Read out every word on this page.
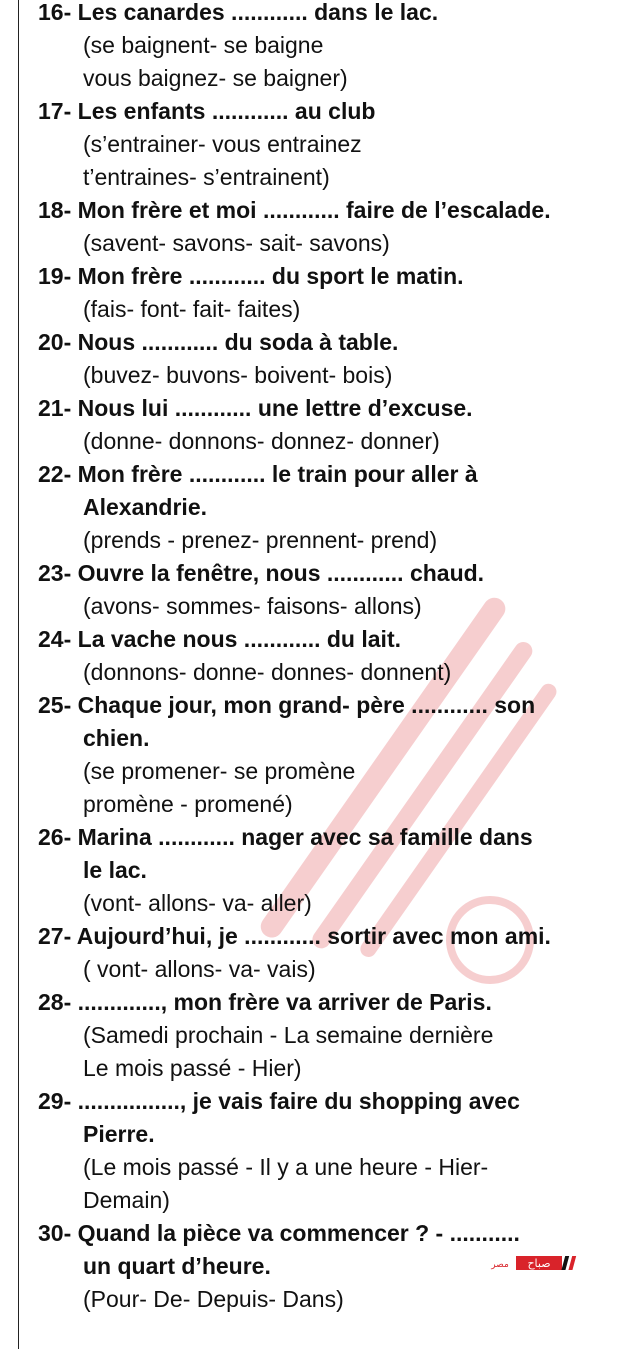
16- Les canardes ............ dans le lac.
(se baignent- se baigne
vous baignez- se baigner)
17- Les enfants ............ au club
(s’entrainer- vous entrainez
t’entraines- s’entrainent)
18- Mon frère et moi ............ faire de l’escalade.
(savent- savons- sait- savons)
19- Mon frère ............ du sport le matin.
(fais- font- fait- faites)
20- Nous ............ du soda à table.
(buvez- buvons- boivent- bois)
21- Nous lui ............ une lettre d’excuse.
(donne- donnons- donnez- donner)
22- Mon frère ............ le train pour aller à
Alexandrie.
(prends - prenez- prennent- prend)
23- Ouvre la fenêtre, nous ............ chaud.
(avons- sommes- faisons- allons)
24- La vache nous ............ du lait.
(donnons- donne- donnes- donnent)
25- Chaque jour, mon grand- père ............ son
chien.
(se promener- se promène
promène - promené)
26- Marina ............ nager avec sa famille dans
le lac.
(vont- allons- va- aller)
27- Aujourd’hui, je ............ sortir avec mon ami.
( vont- allons- va- vais)
28- ............., mon frère va arriver de Paris.
(Samedi prochain - La semaine dernière
Le mois passé - Hier)
29- ................, je vais faire du shopping avec
Pierre.
(Le mois passé - Il y a une heure - Hier-
Demain)
30- Quand la pièce va commencer ? - ...........
un quart d’heure.
(Pour- De- Depuis- Dans)
صباح
مصر
